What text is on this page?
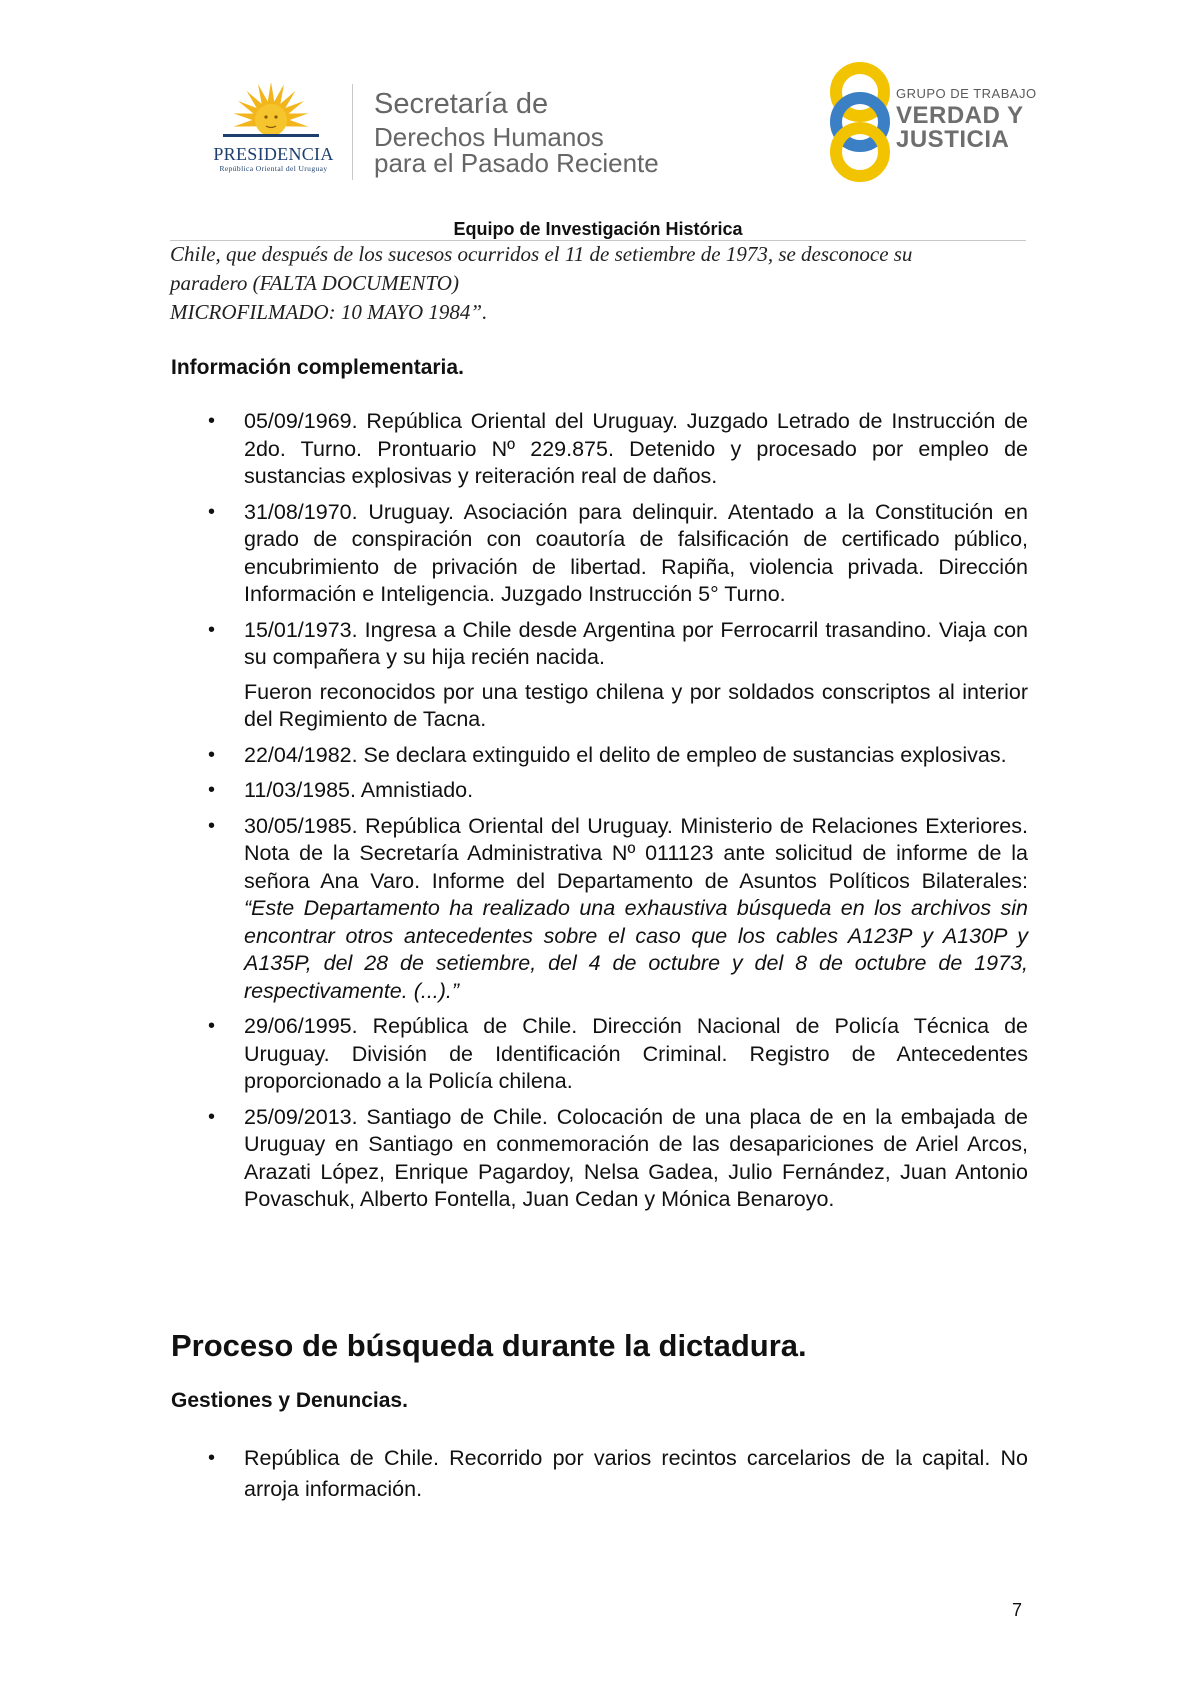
PRESIDENCIA
República Oriental del Uruguay
Secretaría de
Derechos Humanos
para el Pasado Reciente
GRUPO DE TRABAJO
VERDAD Y
JUSTICIA
Equipo de Investigación Histórica
Chile, que después de los sucesos ocurridos el 11 de setiembre de 1973, se desconoce su
paradero (FALTA DOCUMENTO)
MICROFILMADO: 10 MAYO 1984”.
Información complementaria.
• 05/09/1969. República Oriental del Uruguay. Juzgado Letrado de Instrucción de 2do. Turno. Prontuario Nº 229.875. Detenido y procesado por empleo de sustancias explosivas y reiteración real de daños.
• 31/08/1970. Uruguay. Asociación para delinquir. Atentado a la Constitución en grado de conspiración con coautoría de falsificación de certificado público, encubrimiento de privación de libertad. Rapiña, violencia privada. Dirección Información e Inteligencia. Juzgado Instrucción 5° Turno.
• 15/01/1973. Ingresa a Chile desde Argentina por Ferrocarril trasandino. Viaja con su compañera y su hija recién nacida.
Fueron reconocidos por una testigo chilena y por soldados conscriptos al interior del Regimiento de Tacna.
• 22/04/1982. Se declara extinguido el delito de empleo de sustancias explosivas.
• 11/03/1985. Amnistiado.
• 30/05/1985. República Oriental del Uruguay. Ministerio de Relaciones Exteriores. Nota de la Secretaría Administrativa Nº 011123 ante solicitud de informe de la señora Ana Varo. Informe del Departamento de Asuntos Políticos Bilaterales: “Este Departamento ha realizado una exhaustiva búsqueda en los archivos sin encontrar otros antecedentes sobre el caso que los cables A123P y A130P y A135P, del 28 de setiembre, del 4 de octubre y del 8 de octubre de 1973, respectivamente. (...).”
• 29/06/1995. República de Chile. Dirección Nacional de Policía Técnica de Uruguay. División de Identificación Criminal. Registro de Antecedentes proporcionado a la Policía chilena.
• 25/09/2013. Santiago de Chile. Colocación de una placa de en la embajada de Uruguay en Santiago en conmemoración de las desapariciones de Ariel Arcos, Arazati López, Enrique Pagardoy, Nelsa Gadea, Julio Fernández, Juan Antonio Povaschuk, Alberto Fontella, Juan Cedan y Mónica Benaroyo.
Proceso de búsqueda durante la dictadura.
Gestiones y Denuncias.
• República de Chile. Recorrido por varios recintos carcelarios de la capital. No arroja información.
7
